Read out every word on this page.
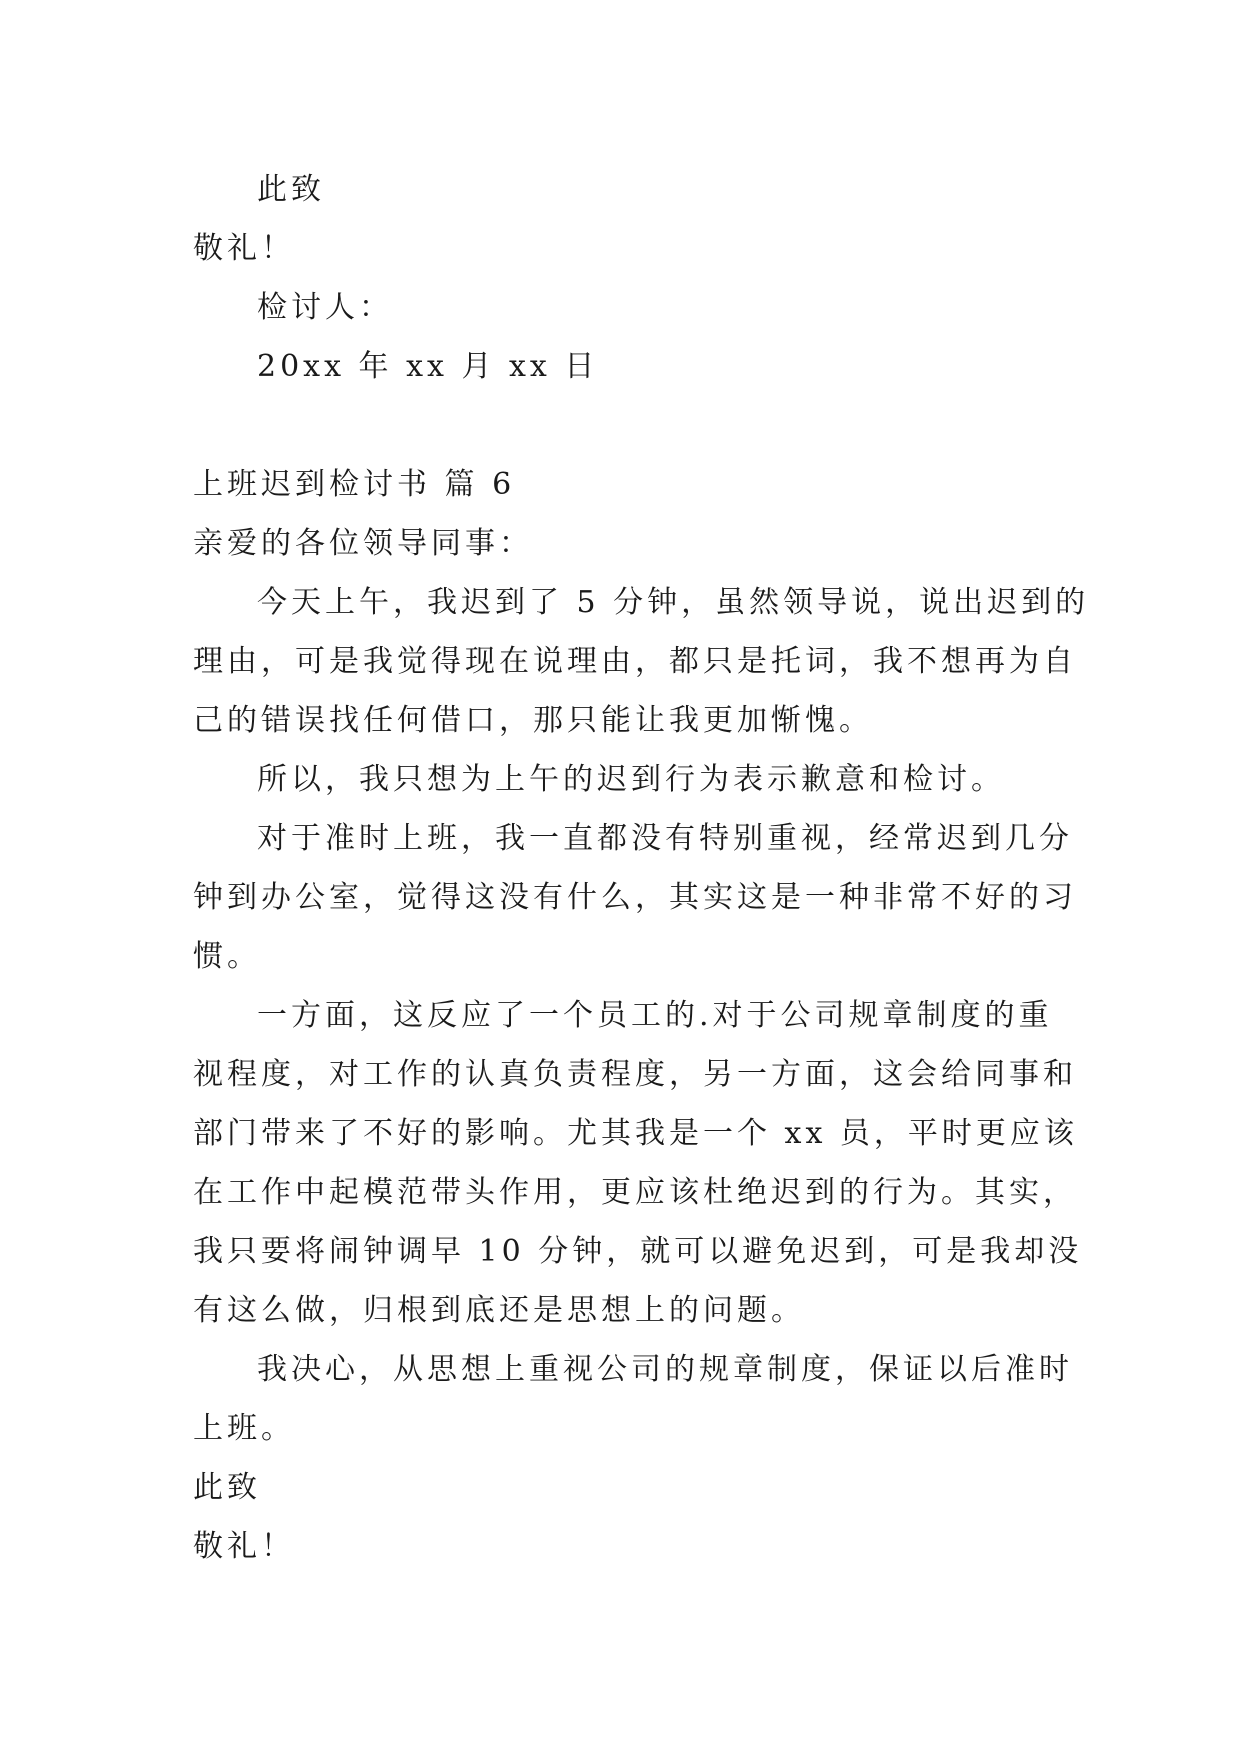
此致

敬礼！

检讨人：

20xx 年 xx 月 xx 日

上班迟到检讨书 篇 6

亲爱的各位领导同事：

今天上午，我迟到了 5 分钟，虽然领导说，说出迟到的

理由，可是我觉得现在说理由，都只是托词，我不想再为自

己的错误找任何借口，那只能让我更加惭愧。

所以，我只想为上午的迟到行为表示歉意和检讨。

对于准时上班，我一直都没有特别重视，经常迟到几分

钟到办公室，觉得这没有什么，其实这是一种非常不好的习

惯。

一方面，这反应了一个员工的.对于公司规章制度的重

视程度，对工作的认真负责程度，另一方面，这会给同事和

部门带来了不好的影响。尤其我是一个 xx 员，平时更应该

在工作中起模范带头作用，更应该杜绝迟到的行为。其实，

我只要将闹钟调早 10 分钟，就可以避免迟到，可是我却没

有这么做，归根到底还是思想上的问题。

我决心，从思想上重视公司的规章制度，保证以后准时

上班。

此致

敬礼！
